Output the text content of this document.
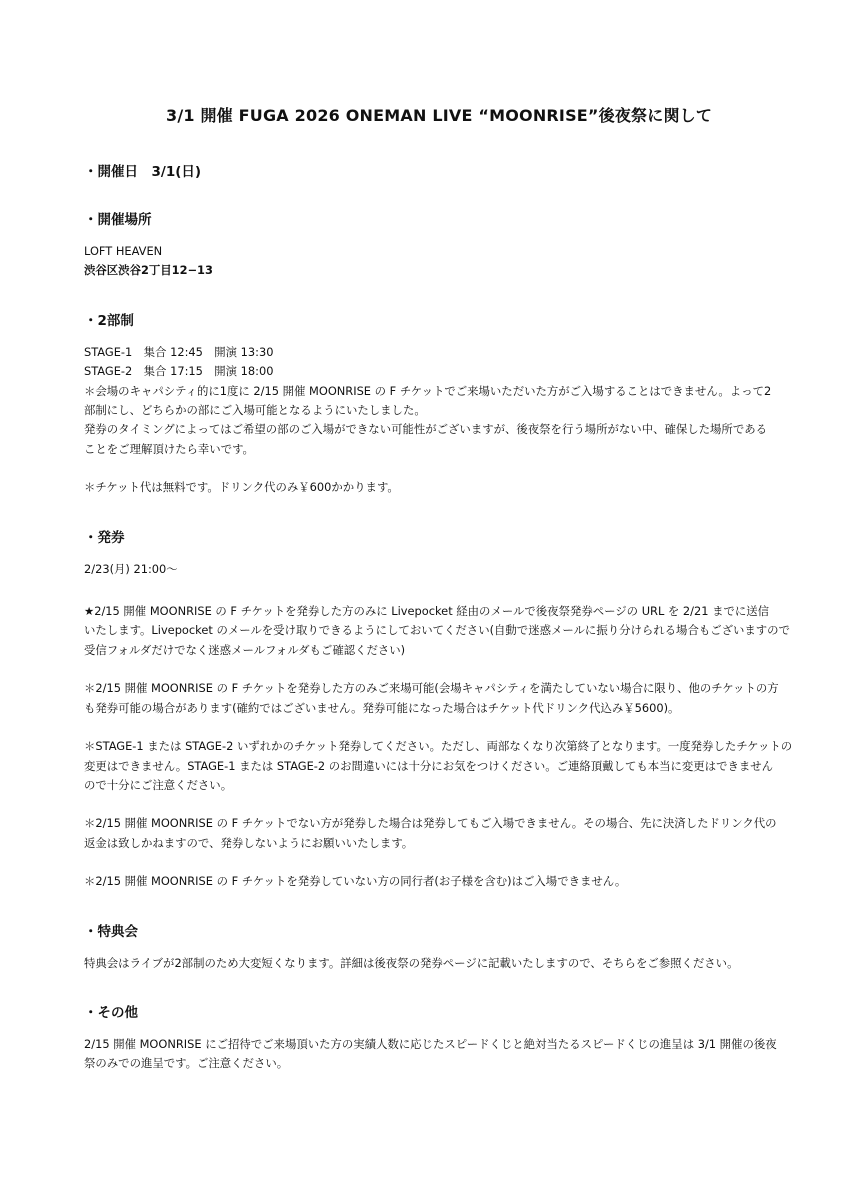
3/1 開催 FUGA 2026 ONEMAN LIVE “MOONRISE”後夜祭に関して
・開催日　3/1(日)
・開催場所
LOFT HEAVEN
渋谷区渋谷2丁目12−13
・2部制
STAGE-1　集合 12:45　開演 13:30
STAGE-2　集合 17:15　開演 18:00
＊会場のキャパシティ的に1度に 2/15 開催 MOONRISE の F チケットでご来場いただいた方がご入場することはできません。よって2
部制にし、どちらかの部にご入場可能となるようにいたしました。
発券のタイミングによってはご希望の部のご入場ができない可能性がございますが、後夜祭を行う場所がない中、確保した場所である
ことをご理解頂けたら幸いです。
＊チケット代は無料です。ドリンク代のみ￥600かかります。
・発券
2/23(月) 21:00〜
★2/15 開催 MOONRISE の F チケットを発券した方のみに Livepocket 経由のメールで後夜祭発券ページの URL を 2/21 までに送信
いたします。Livepocket のメールを受け取りできるようにしておいてください(自動で迷惑メールに振り分けられる場合もございますので
受信フォルダだけでなく迷惑メールフォルダもご確認ください)
＊2/15 開催 MOONRISE の F チケットを発券した方のみご来場可能(会場キャパシティを満たしていない場合に限り、他のチケットの方
も発券可能の場合があります(確約ではございません。発券可能になった場合はチケット代ドリンク代込み￥5600)。
＊STAGE-1 または STAGE-2 いずれかのチケット発券してください。ただし、両部なくなり次第終了となります。一度発券したチケットの
変更はできません。STAGE-1 または STAGE-2 のお間違いには十分にお気をつけください。ご連絡頂戴しても本当に変更はできません
ので十分にご注意ください。
＊2/15 開催 MOONRISE の F チケットでない方が発券した場合は発券してもご入場できません。その場合、先に決済したドリンク代の
返金は致しかねますので、発券しないようにお願いいたします。
＊2/15 開催 MOONRISE の F チケットを発券していない方の同行者(お子様を含む)はご入場できません。
・特典会
特典会はライブが2部制のため大変短くなります。詳細は後夜祭の発券ページに記載いたしますので、そちらをご参照ください。
・その他
2/15 開催 MOONRISE にご招待でご来場頂いた方の実績人数に応じたスピードくじと絶対当たるスピードくじの進呈は 3/1 開催の後夜
祭のみでの進呈です。ご注意ください。
